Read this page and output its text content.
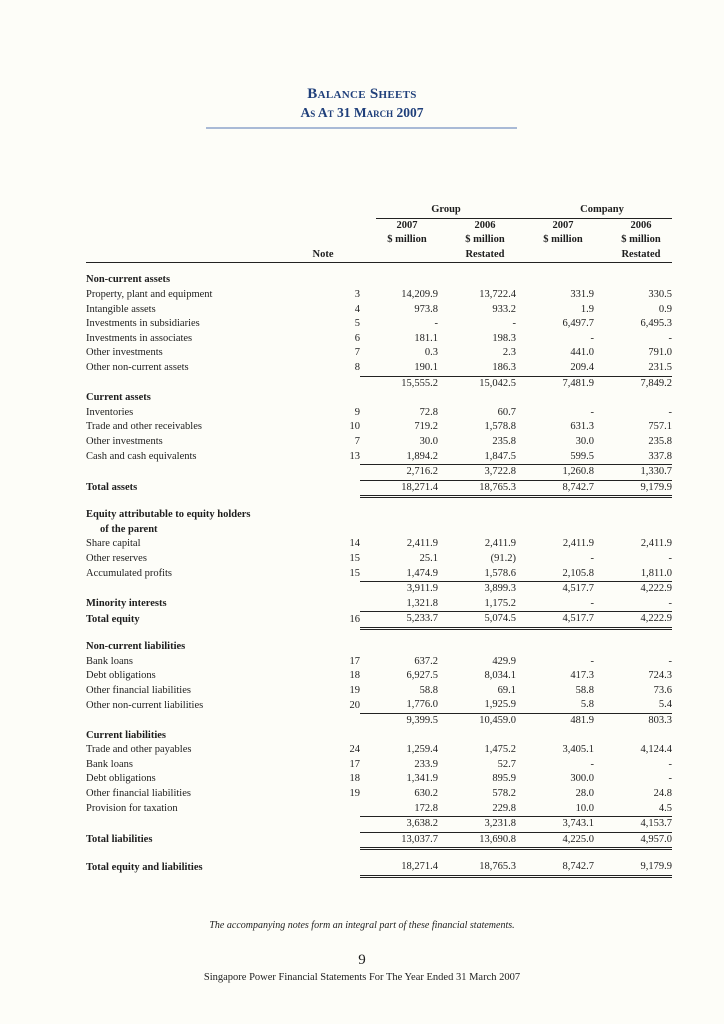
Balance Sheets
As At 31 March 2007
			Group				Company		
			2007		2006		2007		2006
			$ million		$ million		$ million		$ million
	Note				Restated				Restated

Non-current assets									
Property, plant and equipment	3		14,209.9		13,722.4		331.9		330.5
Intangible assets	4		973.8		933.2		1.9		0.9
Investments in subsidiaries	5		-		-		6,497.7		6,495.3
Investments in associates	6		181.1		198.3		-		-
Other investments	7		0.3		2.3		441.0		791.0
Other non-current assets	8		190.1		186.3		209.4		231.5
			15,555.2		15,042.5		7,481.9		7,849.2
Current assets									
Inventories	9		72.8		60.7		-		-
Trade and other receivables	10		719.2		1,578.8		631.3		757.1
Other investments	7		30.0		235.8		30.0		235.8
Cash and cash equivalents	13		1,894.2		1,847.5		599.5		337.8
			2,716.2		3,722.8		1,260.8		1,330.7
Total assets			18,271.4		18,765.3		8,742.7		9,179.9

Equity attributable to equity holders									
of the parent									
Share capital	14		2,411.9		2,411.9		2,411.9		2,411.9
Other reserves	15		25.1		(91.2)		-		-
Accumulated profits	15		1,474.9		1,578.6		2,105.8		1,811.0
			3,911.9		3,899.3		4,517.7		4,222.9
Minority interests			1,321.8		1,175.2		-		-
Total equity	16		5,233.7		5,074.5		4,517.7		4,222.9

Non-current liabilities									
Bank loans	17		637.2		429.9		-		-
Debt obligations	18		6,927.5		8,034.1		417.3		724.3
Other financial liabilities	19		58.8		69.1		58.8		73.6
Other non-current liabilities	20		1,776.0		1,925.9		5.8		5.4
			9,399.5		10,459.0		481.9		803.3
Current liabilities									
Trade and other payables	24		1,259.4		1,475.2		3,405.1		4,124.4
Bank loans	17		233.9		52.7		-		-
Debt obligations	18		1,341.9		895.9		300.0		-
Other financial liabilities	19		630.2		578.2		28.0		24.8
Provision for taxation			172.8		229.8		10.0		4.5
			3,638.2		3,231.8		3,743.1		4,153.7
Total liabilities			13,037.7		13,690.8		4,225.0		4,957.0

Total equity and liabilities			18,271.4		18,765.3		8,742.7		9,179.9
The accompanying notes form an integral part of these financial statements.
9
Singapore Power Financial Statements For The Year Ended 31 March 2007
